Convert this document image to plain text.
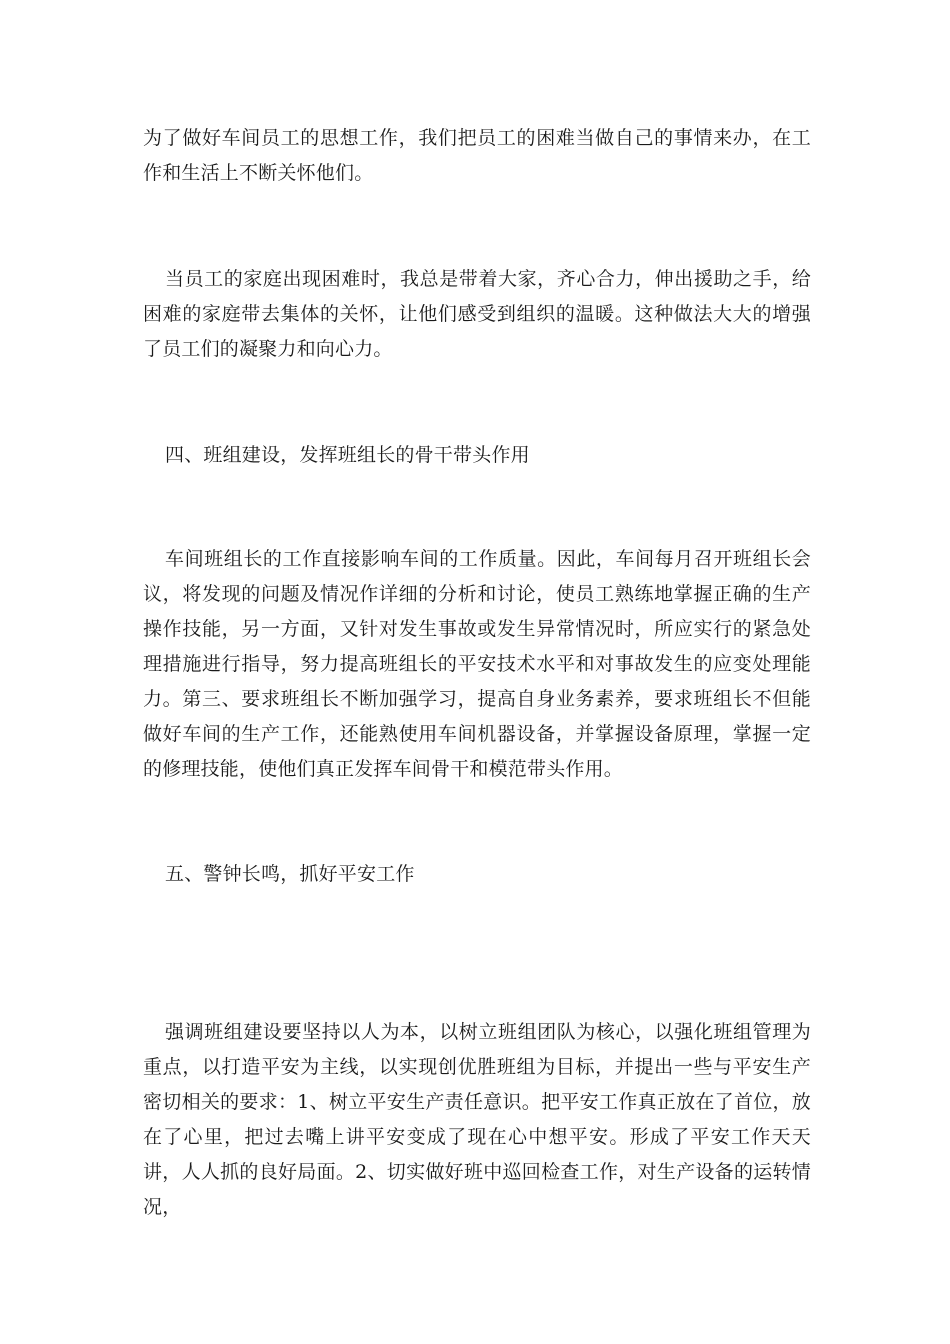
为了做好车间员工的思想工作，我们把员工的困难当做自己的事情来办，在工作和生活上不断关怀他们。

当员工的家庭出现困难时，我总是带着大家，齐心合力，伸出援助之手，给困难的家庭带去集体的关怀，让他们感受到组织的温暖。这种做法大大的增强了员工们的凝聚力和向心力。

四、班组建设，发挥班组长的骨干带头作用

车间班组长的工作直接影响车间的工作质量。因此，车间每月召开班组长会议，将发现的问题及情况作详细的分析和讨论，使员工熟练地掌握正确的生产操作技能，另一方面，又针对发生事故或发生异常情况时，所应实行的紧急处理措施进行指导，努力提高班组长的平安技术水平和对事故发生的应变处理能力。第三、要求班组长不断加强学习，提高自身业务素养，要求班组长不但能做好车间的生产工作，还能熟使用车间机器设备，并掌握设备原理，掌握一定的修理技能，使他们真正发挥车间骨干和模范带头作用。

五、警钟长鸣，抓好平安工作

强调班组建设要坚持以人为本，以树立班组团队为核心，以强化班组管理为重点，以打造平安为主线，以实现创优胜班组为目标，并提出一些与平安生产密切相关的要求：1、树立平安生产责任意识。把平安工作真正放在了首位，放在了心里，把过去嘴上讲平安变成了现在心中想平安。形成了平安工作天天讲，人人抓的良好局面。2、切实做好班中巡回检查工作，对生产设备的运转情况，
